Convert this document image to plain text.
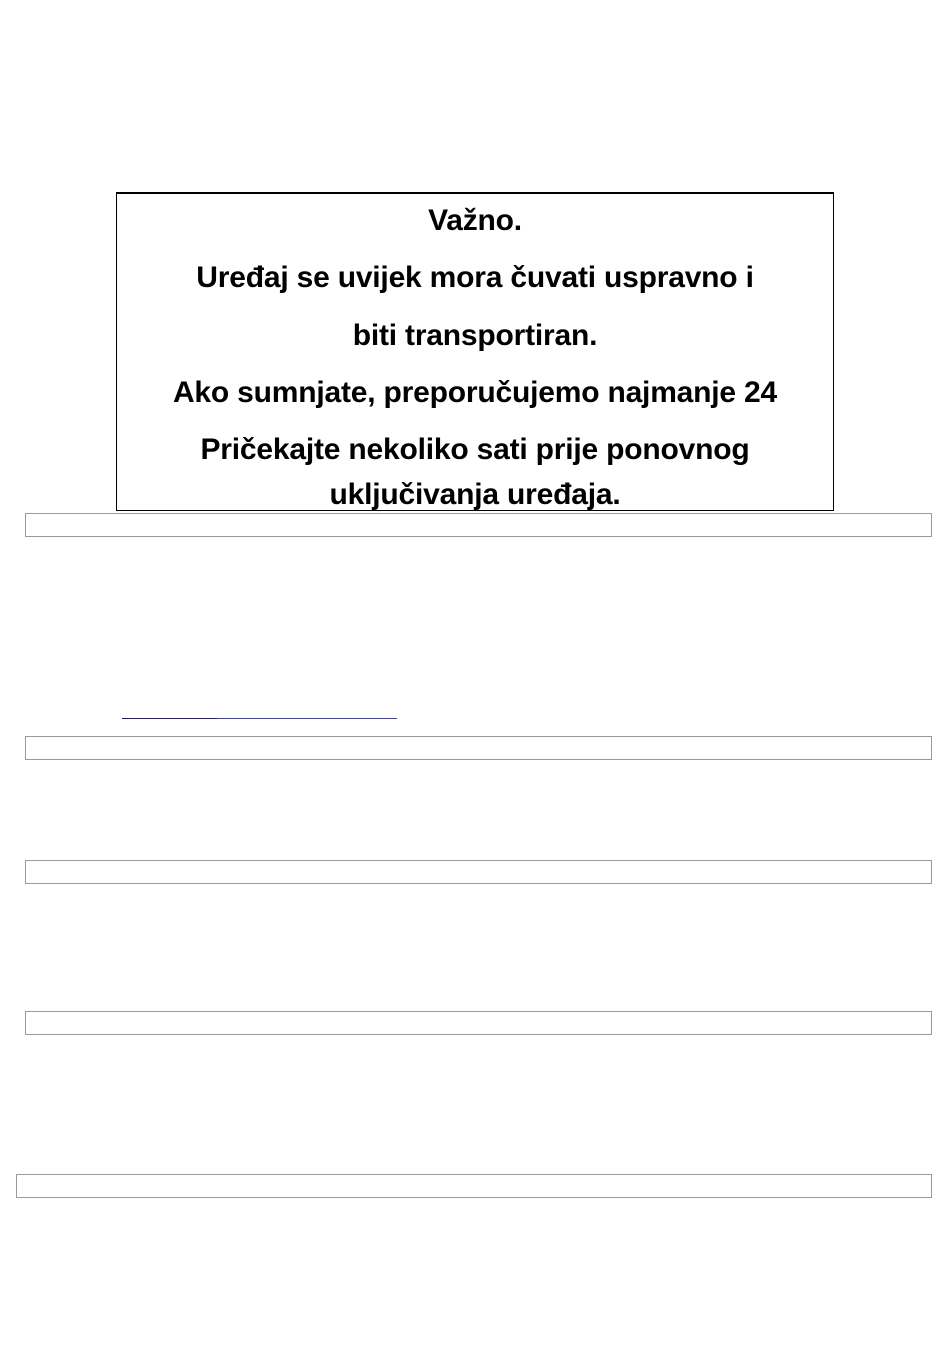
Važno.
Uređaj se uvijek mora čuvati uspravno i
biti transportiran.
Ako sumnjate, preporučujemo najmanje 24
Pričekajte nekoliko sati prije ponovnog
uključivanja uređaja.
